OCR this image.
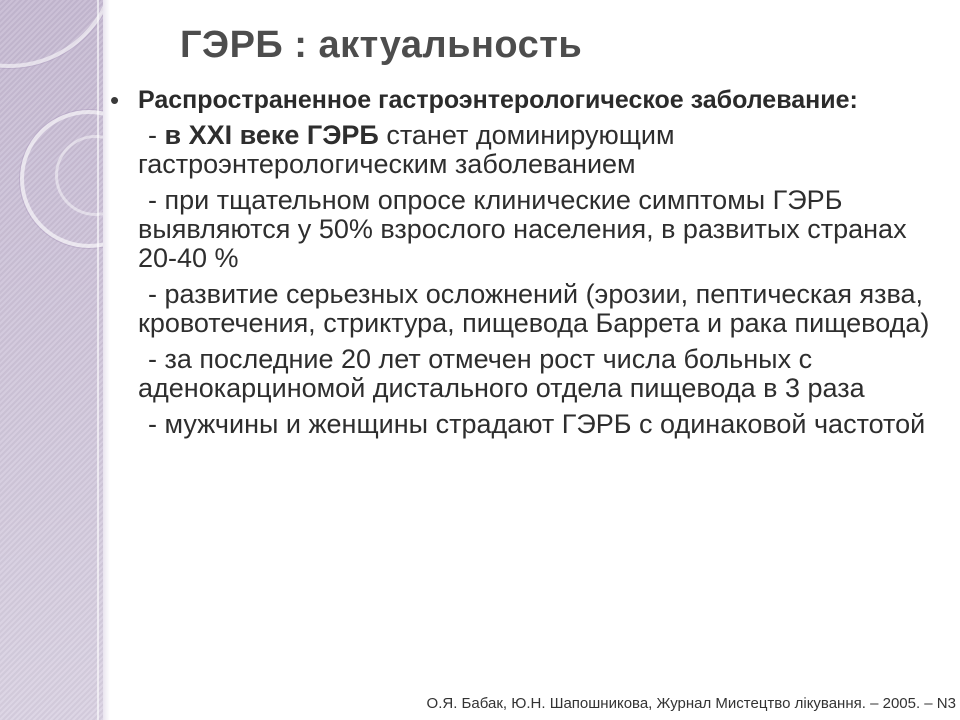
ГЭРБ : актуальность
• Распространенное гастроэнтерологическое заболевание:
- в XXI веке ГЭРБ станет доминирующим гастроэнтерологическим заболеванием
- при тщательном опросе клинические симптомы ГЭРБ выявляются у 50% взрослого населения, в развитых странах 20-40 %
- развитие серьезных осложнений (эрозии, пептическая язва, кровотечения, стриктура, пищевода Баррета и рака пищевода)
- за последние 20 лет отмечен рост числа больных с аденокарциномой дистального отдела пищевода в 3 раза
- мужчины и женщины страдают ГЭРБ с одинаковой частотой
О.Я. Бабак, Ю.Н. Шапошникова, Журнал Мистецтво лікування. – 2005. – N3
